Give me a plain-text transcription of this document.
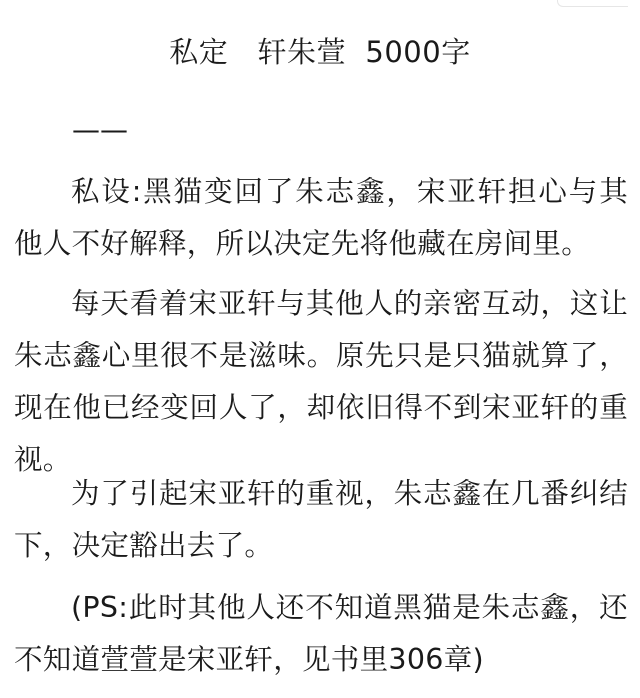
私定   轩朱萱  5000字
——
私设:黑猫变回了朱志鑫，宋亚轩担心与其他人不好解释，所以决定先将他藏在房间里。
每天看着宋亚轩与其他人的亲密互动，这让朱志鑫心里很不是滋味。原先只是只猫就算了，现在他已经变回人了，却依旧得不到宋亚轩的重视。
为了引起宋亚轩的重视，朱志鑫在几番纠结下，决定豁出去了。
(PS:此时其他人还不知道黑猫是朱志鑫，还不知道萱萱是宋亚轩，见书里306章)
